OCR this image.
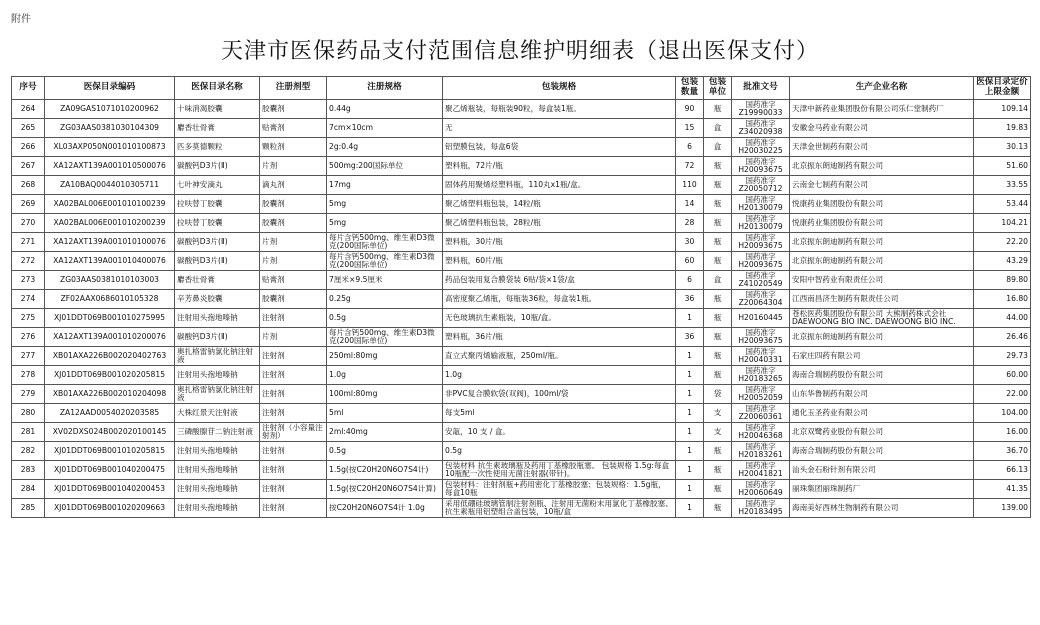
附件
天津市医保药品支付范围信息维护明细表（退出医保支付）
序号	医保目录编码	医保目录名称	注册剂型	注册规格	包装规格	包装数量	包装单位	批准文号	生产企业名称	医保目录定价上限金额
264	ZA09GAS1071010200962	十味消渴胶囊	胶囊剂	0.44g	聚乙烯瓶装，每瓶装90粒，每盒装1瓶。	90	瓶	国药准字Z19990033	天津中新药业集团股份有限公司乐仁堂制药厂	109.14
265	ZG03AAS0381030104309	麝香壮骨膏	贴膏剂	7cm×10cm	无	15	盒	国药准字Z34020938	安徽金马药业有限公司	19.83
266	XL03AXP050N001010100873	匹多莫德颗粒	颗粒剂	2g:0.4g	铝塑膜包装，每盒6袋	6	盒	国药准字H20030225	天津金世制药有限公司	30.13
267	XA12AXT139A001010500076	碳酸钙D3片(Ⅱ)	片剂	500mg:200国际单位	塑料瓶，72片/瓶	72	瓶	国药准字H20093675	北京振东朗迪制药有限公司	51.60
268	ZA10BAQ0044010305711	七叶神安滴丸	滴丸剂	17mg	固体药用聚烯烃塑料瓶，110丸x1瓶/盒。	110	瓶	国药准字Z20050712	云南金七制药有限公司	33.55
269	XA02BAL006E001010100239	拉呋替丁胶囊	胶囊剂	5mg	聚乙烯塑料瓶包装，14粒/瓶	14	瓶	国药准字H20130079	悦康药业集团股份有限公司	53.44
270	XA02BAL006E001010200239	拉呋替丁胶囊	胶囊剂	5mg	聚乙烯塑料瓶包装，28粒/瓶	28	瓶	国药准字H20130079	悦康药业集团股份有限公司	104.21
271	XA12AXT139A001010100076	碳酸钙D3片(Ⅱ)	片剂	每片含钙500mg、维生素D3微克(200国际单位)	塑料瓶，30片/瓶	30	瓶	国药准字H20093675	北京振东朗迪制药有限公司	22.20
272	XA12AXT139A001010400076	碳酸钙D3片(Ⅱ)	片剂	每片含钙500mg、维生素D3微克(200国际单位)	塑料瓶，60片/瓶	60	瓶	国药准字H20093675	北京振东朗迪制药有限公司	43.29
273	ZG03AAS0381010103003	麝香壮骨膏	贴膏剂	7厘米×9.5厘米	药品包装用复合膜袋装 6贴/袋×1袋/盒	6	盒	国药准字Z41020549	安阳中智药业有限责任公司	89.80
274	ZF02AAX0686010105328	辛芳鼻炎胶囊	胶囊剂	0.25g	高密度聚乙烯瓶，每瓶装36粒，每盒装1瓶。	36	瓶	国药准字Z20064304	江西南昌济生制药有限责任公司	16.80
275	XJ01DDT069B001010275995	注射用头孢地嗪钠	注射剂	0.5g	无色玻璃抗生素瓶装，10瓶/盒。	1	瓶	H20160445	苍松医药集团股份有限公司 大熊制药株式会社 DAEWOONG BIO INC. DAEWOONG BIO INC.	44.00
276	XA12AXT139A001010200076	碳酸钙D3片(Ⅱ)	片剂	每片含钙500mg、维生素D3微克(200国际单位)	塑料瓶，36片/瓶	36	瓶	国药准字H20093675	北京振东朗迪制药有限公司	26.46
277	XB01AXA226B002020402763	奥扎格雷钠氯化钠注射液	注射剂	250ml:80mg	直立式聚丙烯输液瓶，250ml/瓶。	1	瓶	国药准字H20040331	石家庄四药有限公司	29.73
278	XJ01DDT069B001020205815	注射用头孢地嗪钠	注射剂	1.0g	1.0g	1	瓶	国药准字H20183265	海南合瑞制药股份有限公司	60.00
279	XB01AXA226B002010204098	奥扎格雷钠氯化钠注射液	注射剂	100ml:80mg	非PVC复合膜软袋(双阀)，100ml/袋	1	袋	国药准字H20052059	山东华鲁制药有限公司	22.00
280	ZA12AAD0054020203585	大株红景天注射液	注射剂	5ml	每支5ml	1	支	国药准字Z20060361	通化玉圣药业有限公司	104.00
281	XV02DXS024B002020100145	三磷酸腺苷二钠注射液	注射剂（小容量注射剂）	2ml:40mg	安瓿，10 支 / 盒。	1	支	国药准字H20046368	北京双鹭药业股份有限公司	16.00
282	XJ01DDT069B001010205815	注射用头孢地嗪钠	注射剂	0.5g	0.5g	1	瓶	国药准字H20183261	海南合瑞制药股份有限公司	36.70
283	XJ01DDT069B001040200475	注射用头孢地嗪钠	注射剂	1.5g(按C20H20N6O7S4计)	包装材料 抗生素玻璃瓶及药用丁基橡胶瓶塞。 包装规格 1.5g:每盒10瓶配一次性使用无菌注射器(带针)。	1	瓶	国药准字H20041821	汕头金石粉针剂有限公司	66.13
284	XJ01DDT069B001040200453	注射用头孢地嗪钠	注射剂	1.5g(按C20H20N6O7S4计算)	包装材料：注射剂瓶+药用密化丁基橡胶塞；包装规格：1.5g瓶，每盒10瓶	1	瓶	国药准字H20060649	丽珠集团丽珠制药厂	41.35
285	XJ01DDT069B001020209663	注射用头孢地嗪钠	注射剂	按C20H20N6O7S4计 1.0g	采用低硼硅玻璃管制注射剂瓶、注射用无菌粉末用氯化丁基橡胶塞、抗生素瓶用铝塑组合盖包装，10瓶/盒	1	瓶	国药准字H20183495	海南美好西林生物制药有限公司	139.00
